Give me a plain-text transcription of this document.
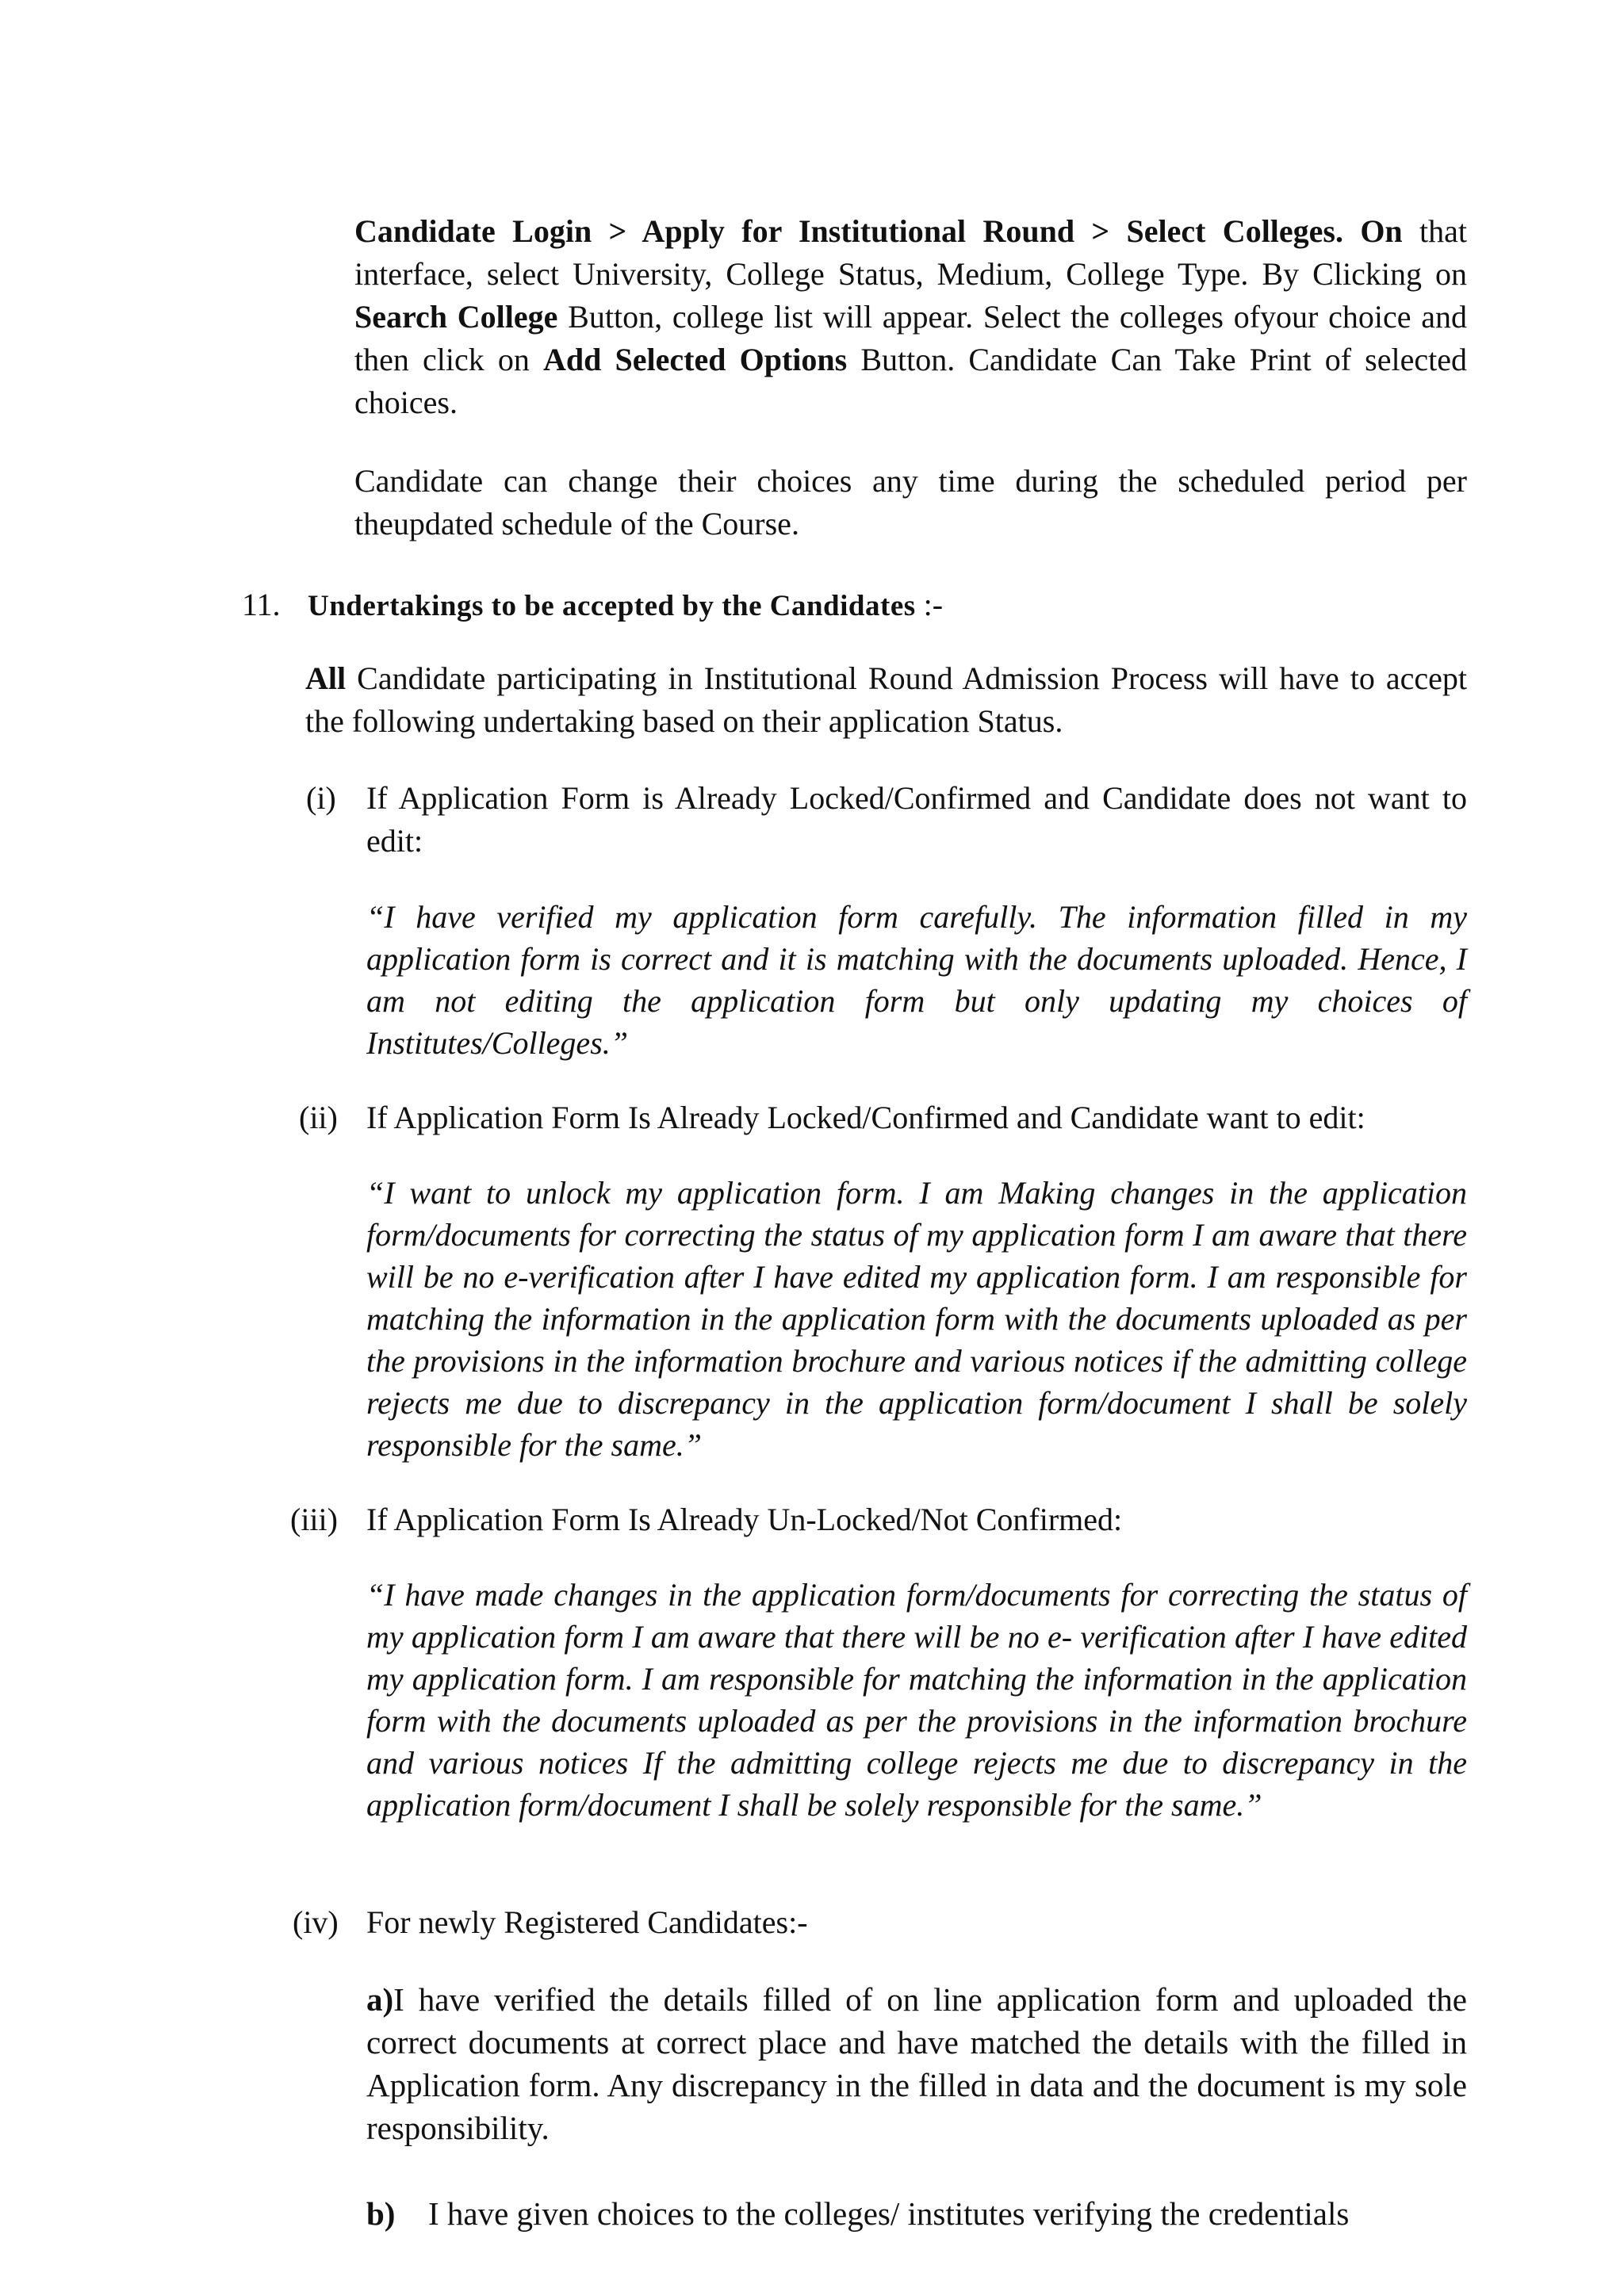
Candidate Login > Apply for Institutional Round > Select Colleges. On that interface, select University, College Status, Medium, College Type. By Clicking on Search College Button, college list will appear. Select the colleges ofyour choice and then click on Add Selected Options Button. Candidate Can Take Print of selected choices.
Candidate can change their choices any time during the scheduled period per theupdated schedule of the Course.
11. Undertakings to be accepted by the Candidates :-
All Candidate participating in Institutional Round Admission Process will have to accept the following undertaking based on their application Status.
(i) If Application Form is Already Locked/Confirmed and Candidate does not want to edit:
“I have verified my application form carefully. The information filled in my application form is correct and it is matching with the documents uploaded. Hence, I am not editing the application form but only updating my choices of Institutes/Colleges.”
(ii) If Application Form Is Already Locked/Confirmed and Candidate want to edit:
“I want to unlock my application form. I am Making changes in the application form/documents for correcting the status of my application form I am aware that there will be no e-verification after I have edited my application form. I am responsible for matching the information in the application form with the documents uploaded as per the provisions in the information brochure and various notices if the admitting college rejects me due to discrepancy in the application form/document I shall be solely responsible for the same.”
(iii) If Application Form Is Already Un-Locked/Not Confirmed:
“I have made changes in the application form/documents for correcting the status of my application form I am aware that there will be no e- verification after I have edited my application form. I am responsible for matching the information in the application form with the documents uploaded as per the provisions in the information brochure and various notices If the admitting college rejects me due to discrepancy in the application form/document I shall be solely responsible for the same.”
(iv) For newly Registered Candidates:-
a)I have verified the details filled of on line application form and uploaded the correct documents at correct place and have matched the details with the filled in Application form. Any discrepancy in the filled in data and the document is my sole responsibility.
b) I have given choices to the colleges/ institutes verifying the credentials
